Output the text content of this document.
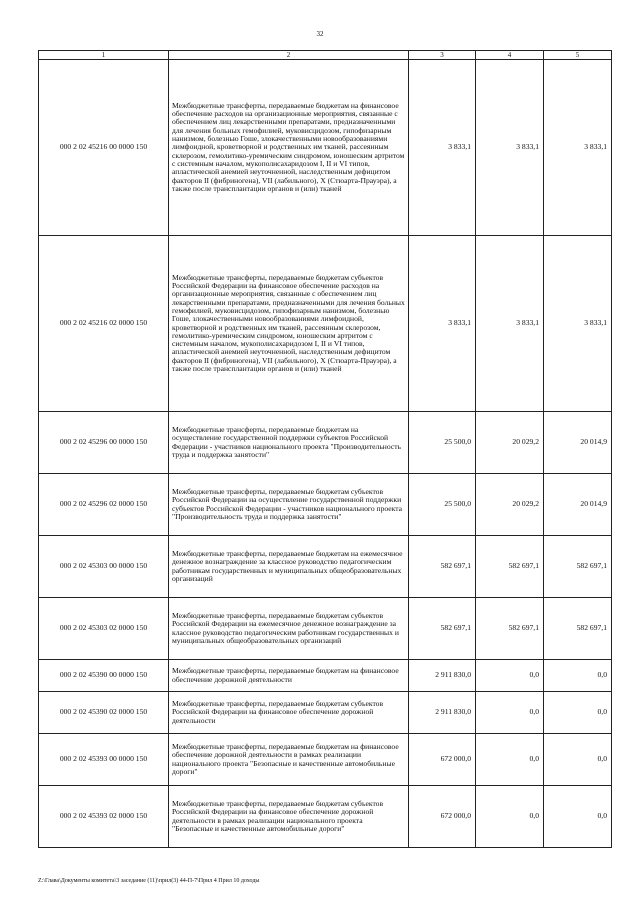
32
1	2	3	4	5
000 2 02 45216 00 0000 150	Межбюджетные трансферты, передаваемые бюджетам на финансовое обеспечение расходов на организационные мероприятия, связанные с обеспечением лиц лекарственными препаратами, предназначенными для лечения больных гемофилией, муковисцидозом, гипофизарным нанизмом, болезнью Гоше, злокачественными новообразованиями лимфоидной, кроветворной и родственных им тканей, рассеянным склерозом, гемолитико-уремическим синдромом, юношеским артритом с системным началом, мукополисахаридозом I, II и VI типов, апластической анемией неуточненной, наследственным дефицитом факторов II (фибриногена), VII (лабильного), X (Стюарта-Прауэра), а также после трансплантации органов и (или) тканей	3 833,1	3 833,1	3 833,1
000 2 02 45216 02 0000 150	Межбюджетные трансферты, передаваемые бюджетам субъектов Российской Федерации на финансовое обеспечение расходов на организационные мероприятия, связанные с обеспечением лиц лекарственными препаратами, предназначенными для лечения больных гемофилией, муковисцидозом, гипофизарным нанизмом, болезнью Гоше, злокачественными новообразованиями лимфоидной, кроветворной и родственных им тканей, рассеянным склерозом, гемолитико-уремическим синдромом, юношеским артритом с системным началом, мукополисахаридозом I, II и VI типов, апластической анемией неуточненной, наследственным дефицитом факторов II (фибриногена), VII (лабильного), X (Стюарта-Прауэра), а также после трансплантации органов и (или) тканей	3 833,1	3 833,1	3 833,1
000 2 02 45296 00 0000 150	Межбюджетные трансферты, передаваемые бюджетам на осуществление государственной поддержки субъектов Российской Федерации - участников национального проекта "Производительность труда и поддержка занятости"	25 500,0	20 029,2	20 014,9
000 2 02 45296 02 0000 150	Межбюджетные трансферты, передаваемые бюджетам субъектов Российской Федерации на осуществление государственной поддержки субъектов Российской Федерации - участников национального проекта "Производительность труда и поддержка занятости"	25 500,0	20 029,2	20 014,9
000 2 02 45303 00 0000 150	Межбюджетные трансферты, передаваемые бюджетам на ежемесячное денежное вознаграждение за классное руководство педагогическим работникам государственных и муниципальных общеобразовательных организаций	582 697,1	582 697,1	582 697,1
000 2 02 45303 02 0000 150	Межбюджетные трансферты, передаваемые бюджетам субъектов Российской Федерации на ежемесячное денежное вознаграждение за классное руководство педагогическим работникам государственных и муниципальных общеобразовательных организаций	582 697,1	582 697,1	582 697,1
000 2 02 45390 00 0000 150	Межбюджетные трансферты, передаваемые бюджетам на финансовое обеспечение дорожной деятельности	2 911 830,0	0,0	0,0
000 2 02 45390 02 0000 150	Межбюджетные трансферты, передаваемые бюджетам субъектов Российской Федерации на финансовое обеспечение дорожной деятельности	2 911 830,0	0,0	0,0
000 2 02 45393 00 0000 150	Межбюджетные трансферты, передаваемые бюджетам на финансовое обеспечение дорожной деятельности в рамках реализации национального проекта "Безопасные и качественные автомобильные дороги"	672 000,0	0,0	0,0
000 2 02 45393 02 0000 150	Межбюджетные трансферты, передаваемые бюджетам субъектов Российской Федерации на финансовое обеспечение дорожной деятельности в рамках реализации национального проекта "Безопасные и качественные автомобильные дороги"	672 000,0	0,0	0,0
Z:\Глава\Документы комитета\3 заседание (11)\прил(3) 44-П-7\Прил 4 Прил 10 доходы
